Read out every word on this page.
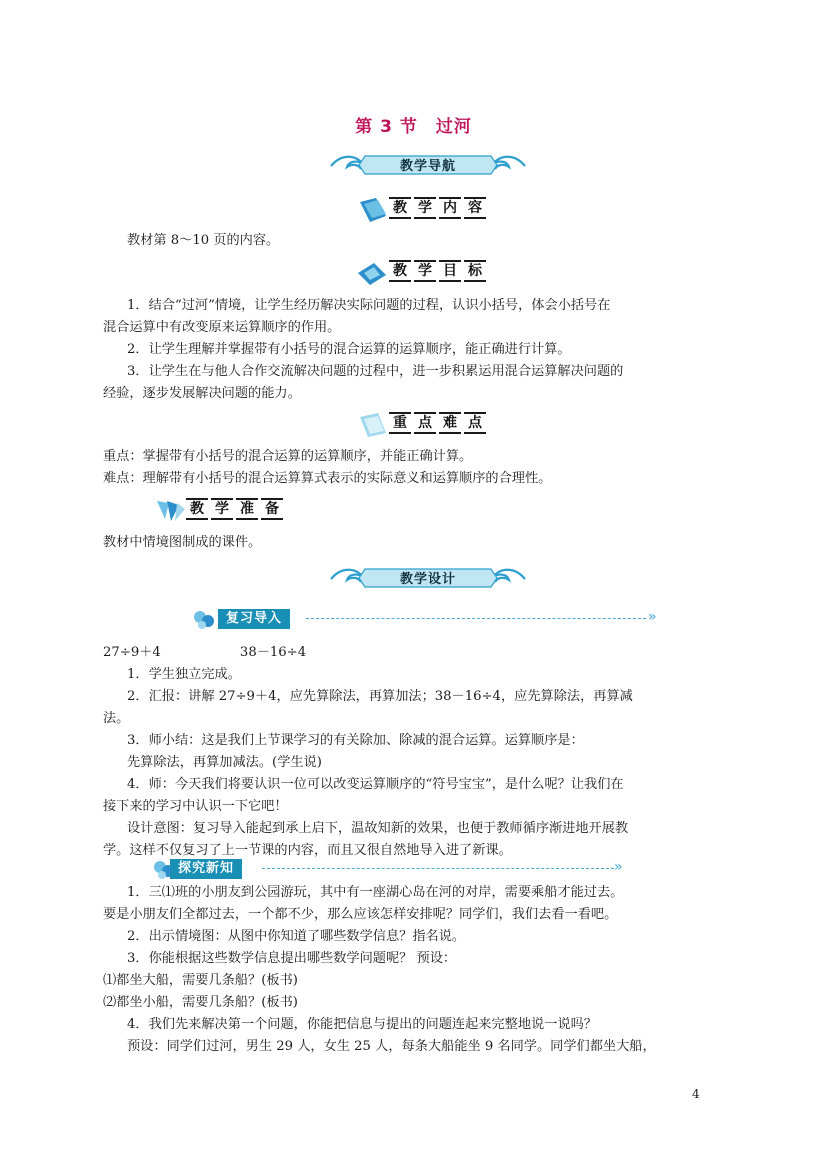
第 3 节　过河
教学导航
教 学 内 容
教材第 8～10 页的内容。
教 学 目 标
1．结合“过河”情境，让学生经历解决实际问题的过程，认识小括号，体会小括号在
混合运算中有改变原来运算顺序的作用。
2．让学生理解并掌握带有小括号的混合运算的运算顺序，能正确进行计算。
3．让学生在与他人合作交流解决问题的过程中，进一步积累运用混合运算解决问题的
经验，逐步发展解决问题的能力。
重 点 难 点
重点：掌握带有小括号的混合运算的运算顺序，并能正确计算。
难点：理解带有小括号的混合运算算式表示的实际意义和运算顺序的合理性。
教 学 准 备
教材中情境图制成的课件。
教学设计
复习导入	»
27÷9＋4　　　　　　38－16÷4
1．学生独立完成。
2．汇报：讲解 27÷9＋4，应先算除法，再算加法；38－16÷4，应先算除法，再算减
法。
3．师小结：这是我们上节课学习的有关除加、除减的混合运算。运算顺序是：
先算除法，再算加减法。(学生说)
4．师：今天我们将要认识一位可以改变运算顺序的“符号宝宝”，是什么呢？让我们在
接下来的学习中认识一下它吧！
设计意图：复习导入能起到承上启下，温故知新的效果，也便于教师循序渐进地开展教
学。这样不仅复习了上一节课的内容，而且又很自然地导入进了新课。
探究新知	»
1．三⑴班的小朋友到公园游玩，其中有一座湖心岛在河的对岸，需要乘船才能过去。
要是小朋友们全都过去，一个都不少，那么应该怎样安排呢？同学们，我们去看一看吧。
2．出示情境图：从图中你知道了哪些数学信息？指名说。
3．你能根据这些数学信息提出哪些数学问题呢？ 预设：
⑴都坐大船，需要几条船？(板书)
⑵都坐小船，需要几条船？(板书)
4．我们先来解决第一个问题，你能把信息与提出的问题连起来完整地说一说吗？
预设：同学们过河，男生 29 人，女生 25 人，每条大船能坐 9 名同学。同学们都坐大船，
4
